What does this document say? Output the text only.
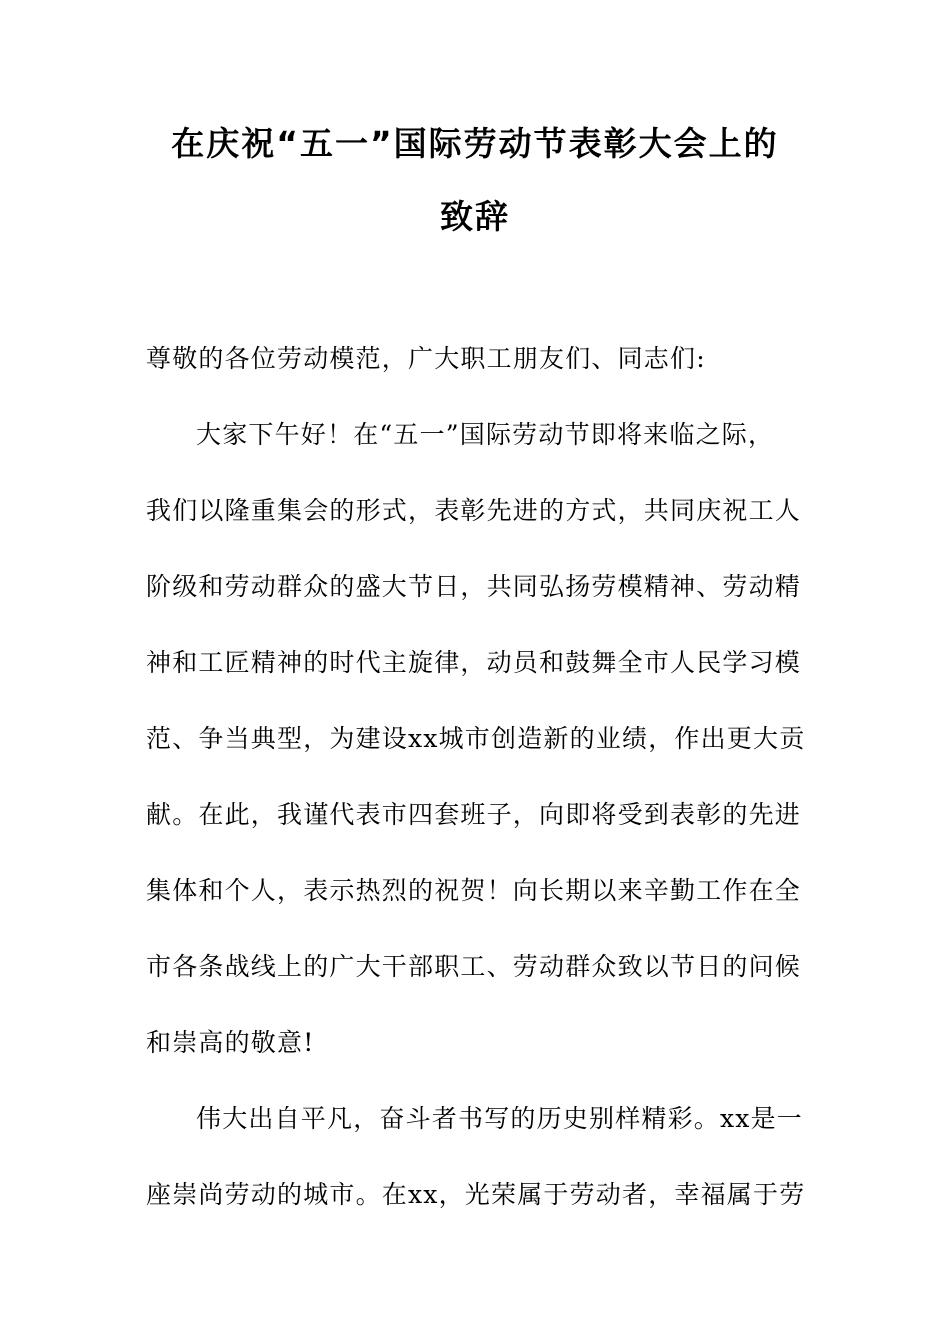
在庆祝“五一”国际劳动节表彰大会上的
致辞

尊敬的各位劳动模范，广大职工朋友们、同志们:

大家下午好！在“五一”国际劳动节即将来临之际，

我们以隆重集会的形式，表彰先进的方式，共同庆祝工人

阶级和劳动群众的盛大节日，共同弘扬劳模精神、劳动精

神和工匠精神的时代主旋律，动员和鼓舞全市人民学习模

范、争当典型，为建设xx城市创造新的业绩，作出更大贡

献。在此，我谨代表市四套班子，向即将受到表彰的先进

集体和个人，表示热烈的祝贺！向长期以来辛勤工作在全

市各条战线上的广大干部职工、劳动群众致以节日的问候

和崇高的敬意!

伟大出自平凡，奋斗者书写的历史别样精彩。xx是一

座崇尚劳动的城市。在xx，光荣属于劳动者，幸福属于劳
